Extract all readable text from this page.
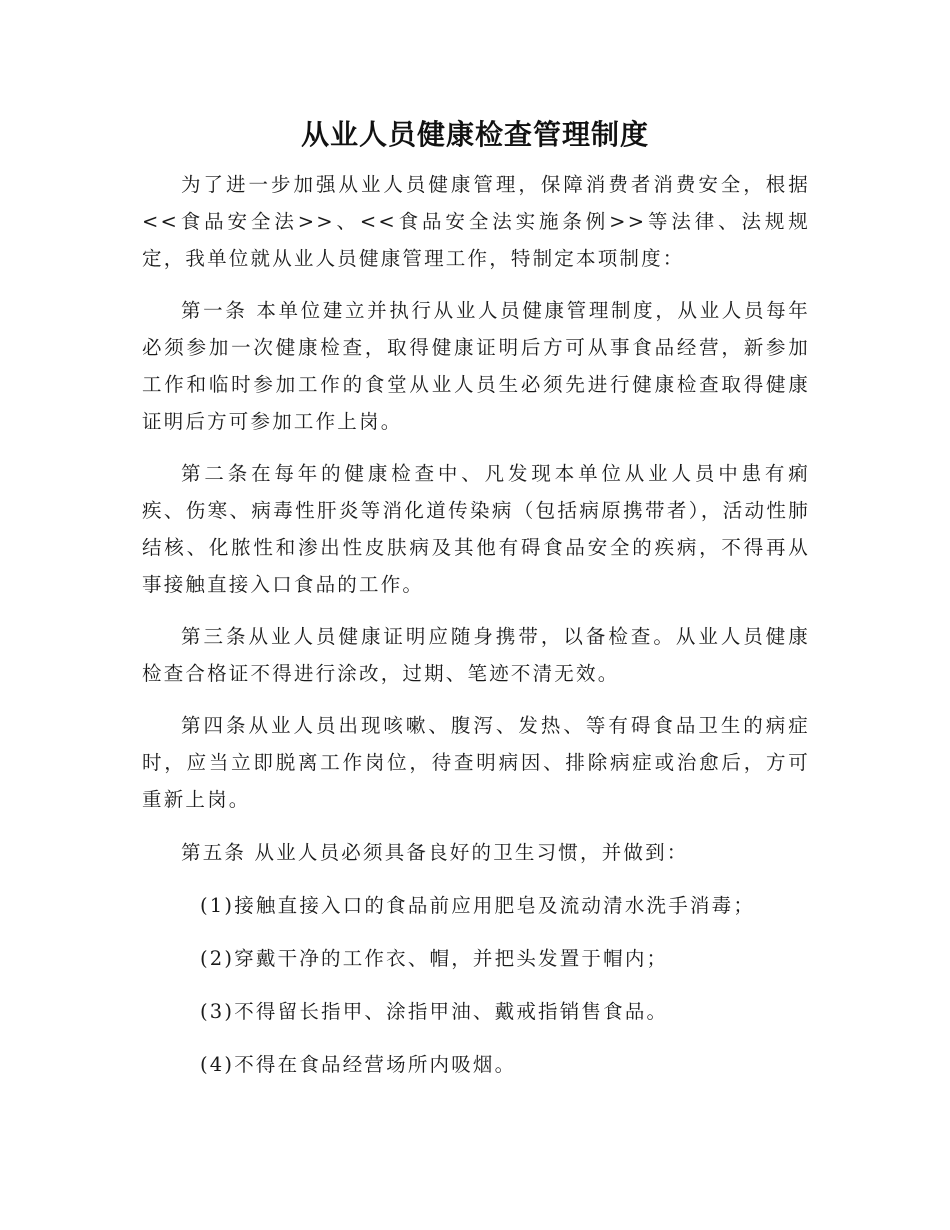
从业人员健康检查管理制度
为了进一步加强从业人员健康管理，保障消费者消费安全，根据<<食品安全法>>、<<食品安全法实施条例>>等法律、法规规定，我单位就从业人员健康管理工作，特制定本项制度：
第一条 本单位建立并执行从业人员健康管理制度，从业人员每年必须参加一次健康检查，取得健康证明后方可从事食品经营，新参加工作和临时参加工作的食堂从业人员生必须先进行健康检查取得健康证明后方可参加工作上岗。
第二条在每年的健康检查中、凡发现本单位从业人员中患有痢疾、伤寒、病毒性肝炎等消化道传染病（包括病原携带者），活动性肺结核、化脓性和渗出性皮肤病及其他有碍食品安全的疾病，不得再从事接触直接入口食品的工作。
第三条从业人员健康证明应随身携带，以备检查。从业人员健康检查合格证不得进行涂改，过期、笔迹不清无效。
第四条从业人员出现咳嗽、腹泻、发热、等有碍食品卫生的病症时，应当立即脱离工作岗位，待查明病因、排除病症或治愈后，方可重新上岗。
第五条 从业人员必须具备良好的卫生习惯，并做到：
(1)接触直接入口的食品前应用肥皂及流动清水洗手消毒；
(2)穿戴干净的工作衣、帽，并把头发置于帽内；
(3)不得留长指甲、涂指甲油、戴戒指销售食品。
(4)不得在食品经营场所内吸烟。
